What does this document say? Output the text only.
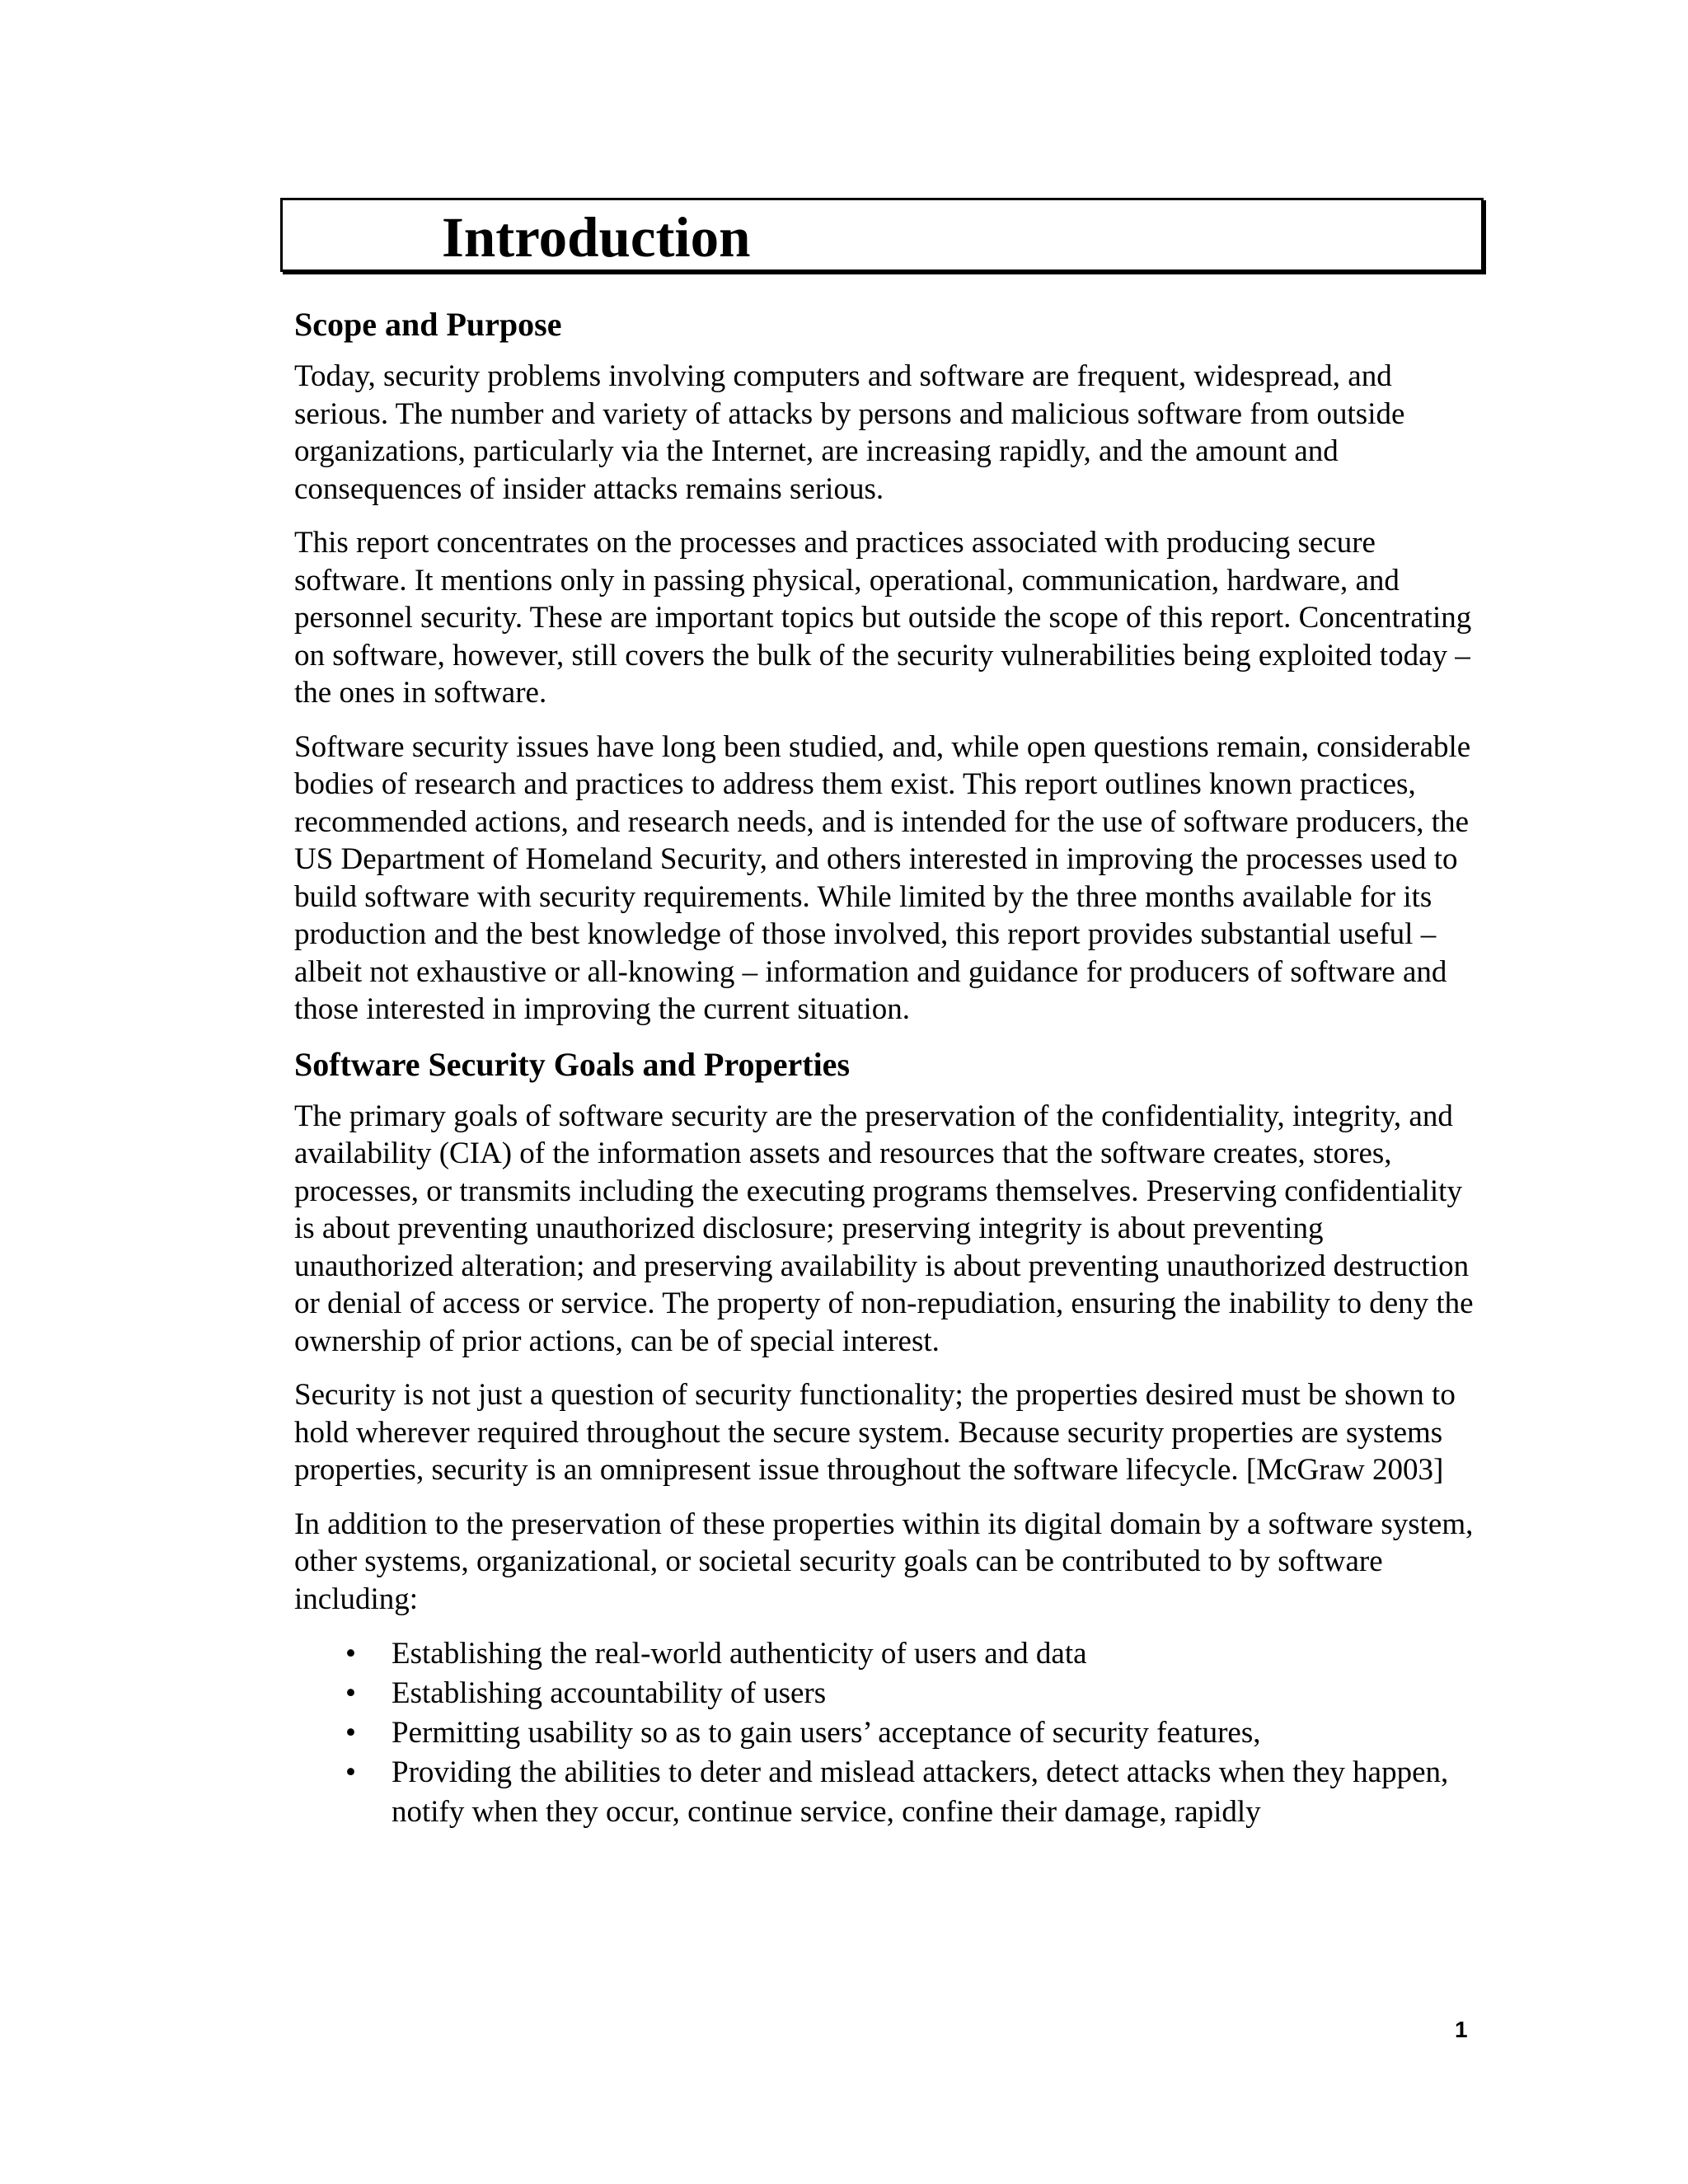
Introduction
Scope and Purpose

Today, security problems involving computers and software are frequent, widespread, and serious. The number and variety of attacks by persons and malicious software from outside organizations, particularly via the Internet, are increasing rapidly, and the amount and consequences of insider attacks remains serious.

This report concentrates on the processes and practices associated with producing secure software. It mentions only in passing physical, operational, communication, hardware, and personnel security. These are important topics but outside the scope of this report. Concentrating on software, however, still covers the bulk of the security vulnerabilities being exploited today – the ones in software.

Software security issues have long been studied, and, while open questions remain, considerable bodies of research and practices to address them exist. This report outlines known practices, recommended actions, and research needs, and is intended for the use of software producers, the US Department of Homeland Security, and others interested in improving the processes used to build software with security requirements. While limited by the three months available for its production and the best knowledge of those involved, this report provides substantial useful – albeit not exhaustive or all-knowing – information and guidance for producers of software and those interested in improving the current situation.

Software Security Goals and Properties

The primary goals of software security are the preservation of the confidentiality, integrity, and availability (CIA) of the information assets and resources that the software creates, stores, processes, or transmits including the executing programs themselves. Preserving confidentiality is about preventing unauthorized disclosure; preserving integrity is about preventing unauthorized alteration; and preserving availability is about preventing unauthorized destruction or denial of access or service. The property of non-repudiation, ensuring the inability to deny the ownership of prior actions, can be of special interest.

Security is not just a question of security functionality; the properties desired must be shown to hold wherever required throughout the secure system. Because security properties are systems properties, security is an omnipresent issue throughout the software lifecycle. [McGraw 2003]

In addition to the preservation of these properties within its digital domain by a software system, other systems, organizational, or societal security goals can be contributed to by software including:

• Establishing the real-world authenticity of users and data
• Establishing accountability of users
• Permitting usability so as to gain users’ acceptance of security features,
• Providing the abilities to deter and mislead attackers, detect attacks when they happen, notify when they occur, continue service, confine their damage, rapidly
1
